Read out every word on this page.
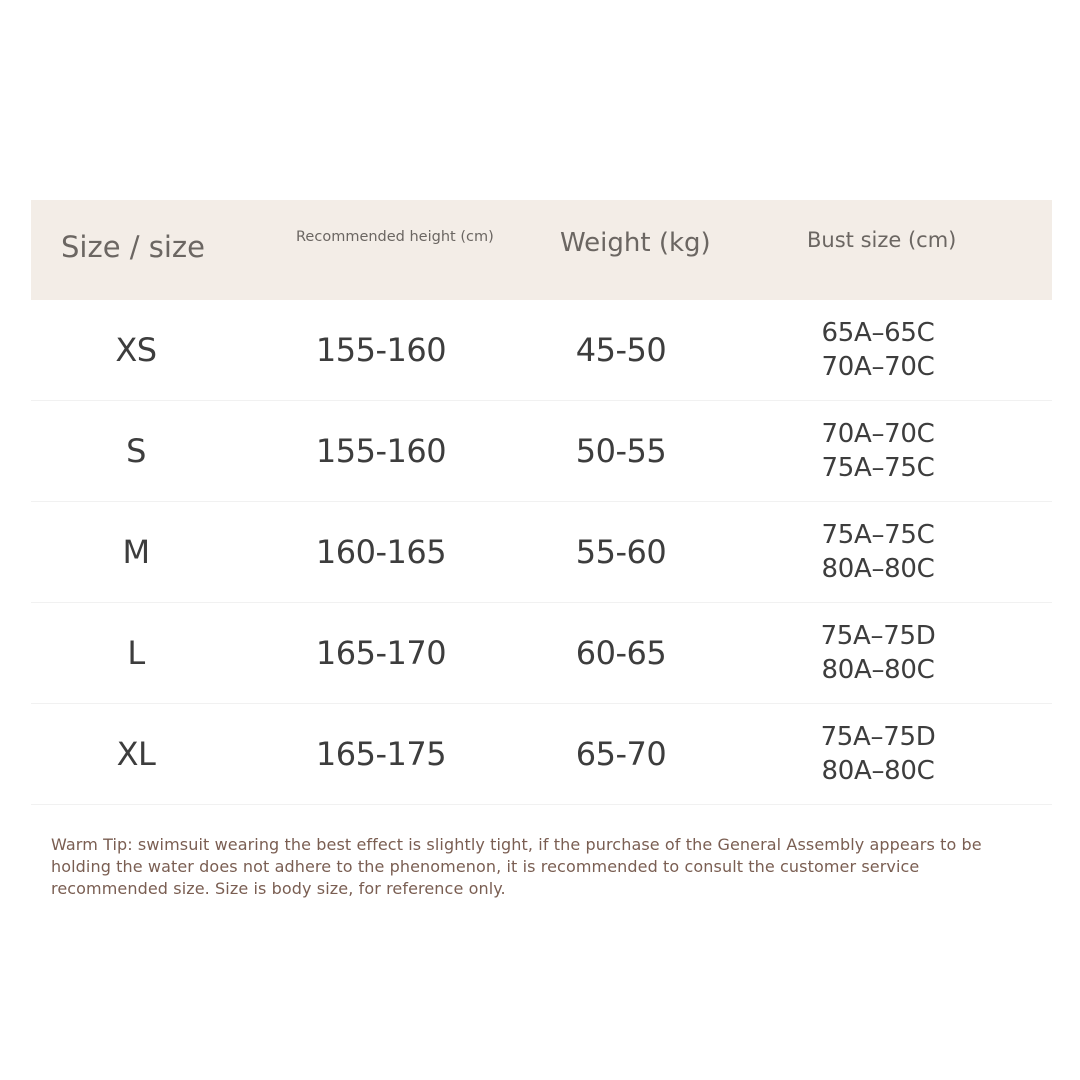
Size / size	Recommended height (cm)	Weight (kg)	Bust size (cm)
XS	155-160	45-50	65A–65C
70A–70C
S	155-160	50-55	70A–70C
75A–75C
M	160-165	55-60	75A–75C
80A–80C
L	165-170	60-65	75A–75D
80A–80C
XL	165-175	65-70	75A–75D
80A–80C

Warm Tip: swimsuit wearing the best effect is slightly tight, if the purchase of the General Assembly appears to be holding the water does not adhere to the phenomenon, it is recommended to consult the customer service recommended size. Size is body size, for reference only.
